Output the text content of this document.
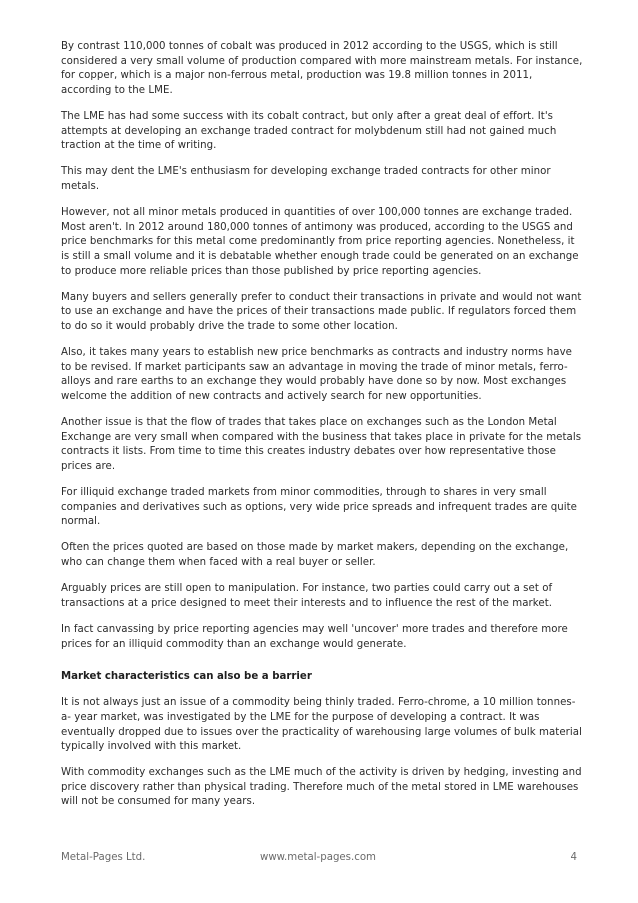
By contrast 110,000 tonnes of cobalt was produced in 2012 according to the USGS, which is still considered a very small volume of production compared with more mainstream metals. For instance, for copper, which is a major non-ferrous metal, production was 19.8 million tonnes in 2011, according to the LME.

The LME has had some success with its cobalt contract, but only after a great deal of effort. It's attempts at developing an exchange traded contract for molybdenum still had not gained much traction at the time of writing.

This may dent the LME's enthusiasm for developing exchange traded contracts for other minor metals.

However, not all minor metals produced in quantities of over 100,000 tonnes are exchange traded. Most aren't. In 2012 around 180,000 tonnes of antimony was produced, according to the USGS and price benchmarks for this metal come predominantly from price reporting agencies. Nonetheless, it is still a small volume and it is debatable whether enough trade could be generated on an exchange to produce more reliable prices than those published by price reporting agencies.

Many buyers and sellers generally prefer to conduct their transactions in private and would not want to use an exchange and have the prices of their transactions made public. If regulators forced them to do so it would probably drive the trade to some other location.

Also, it takes many years to establish new price benchmarks as contracts and industry norms have to be revised. If market participants saw an advantage in moving the trade of minor metals, ferro-alloys and rare earths to an exchange they would probably have done so by now. Most exchanges welcome the addition of new contracts and actively search for new opportunities.

Another issue is that the flow of trades that takes place on exchanges such as the London Metal Exchange are very small when compared with the business that takes place in private for the metals contracts it lists. From time to time this creates industry debates over how representative those prices are.

For illiquid exchange traded markets from minor commodities, through to shares in very small companies and derivatives such as options, very wide price spreads and infrequent trades are quite normal.

Often the prices quoted are based on those made by market makers, depending on the exchange, who can change them when faced with a real buyer or seller.

Arguably prices are still open to manipulation. For instance, two parties could carry out a set of transactions at a price designed to meet their interests and to influence the rest of the market.

In fact canvassing by price reporting agencies may well 'uncover' more trades and therefore more prices for an illiquid commodity than an exchange would generate.

Market characteristics can also be a barrier

It is not always just an issue of a commodity being thinly traded. Ferro-chrome, a 10 million tonnes-a- year market, was investigated by the LME for the purpose of developing a contract. It was eventually dropped due to issues over the practicality of warehousing large volumes of bulk material typically involved with this market.

With commodity exchanges such as the LME much of the activity is driven by hedging, investing and price discovery rather than physical trading. Therefore much of the metal stored in LME warehouses will not be consumed for many years.

Metal-Pages Ltd.	www.metal-pages.com	4
